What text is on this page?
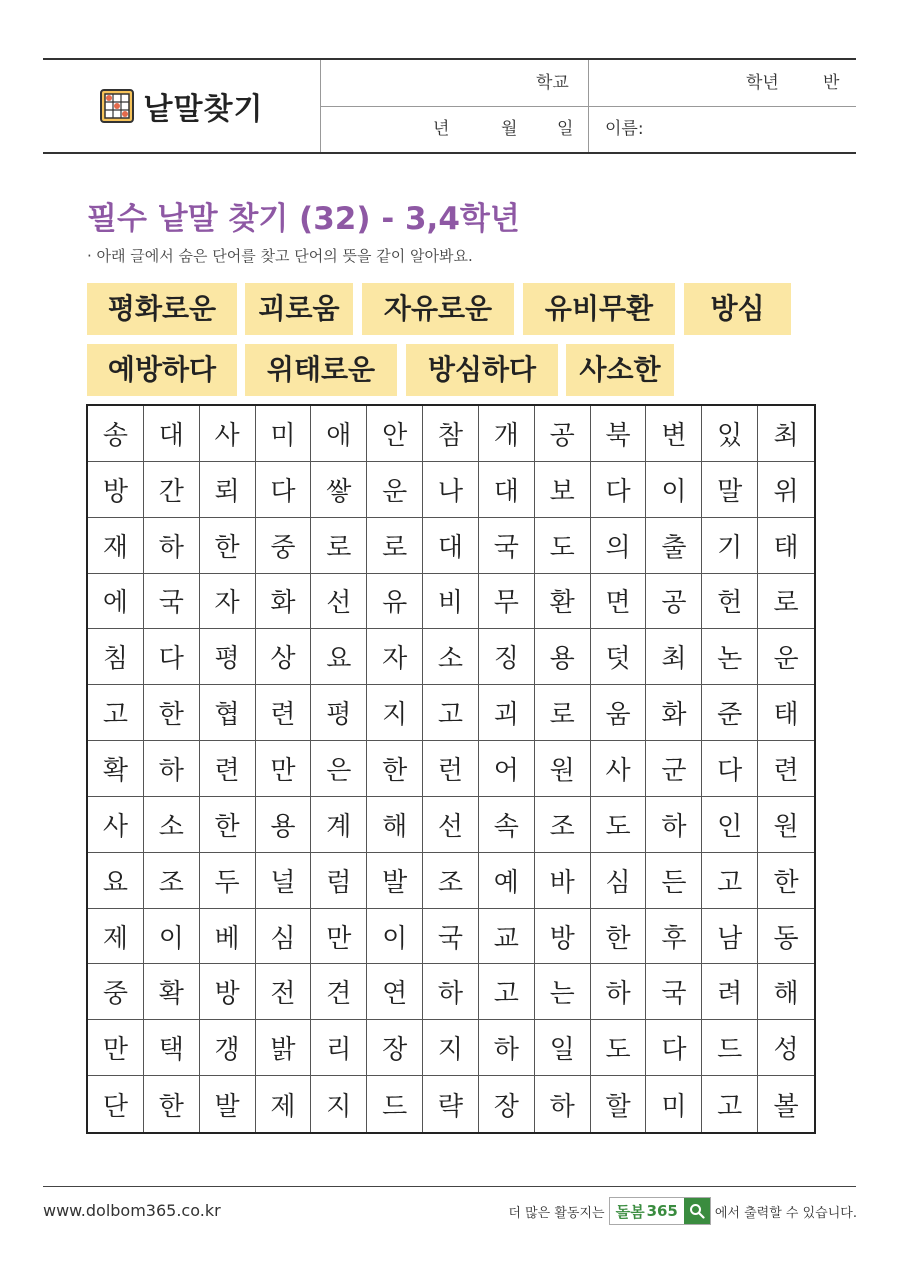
낱말찾기
학교	학년	반
년	월 일 이름:
필수 낱말 찾기 (32) - 3,4학년
· 아래 글에서 숨은 단어를 찾고 단어의 뜻을 같이 알아봐요.
평화로운	괴로움	자유로운	유비무환	방심
예방하다	위태로운	방심하다	사소한
송	대	사	미	애	안	참	개	공	북	변	있	최
방	간	뢰	다	쌓	운	나	대	보	다	이	말	위
재	하	한	중	로	로	대	국	도	의	출	기	태
에	국	자	화	선	유	비	무	환	면	공	헌	로
침	다	평	상	요	자	소	징	용	덧	최	논	운
고	한	협	련	평	지	고	괴	로	움	화	준	태
확	하	련	만	은	한	런	어	원	사	군	다	련
사	소	한	용	계	해	선	속	조	도	하	인	원
요	조	두	널	럼	발	조	예	바	심	든	고	한
제	이	베	심	만	이	국	교	방	한	후	남	동
중	확	방	전	견	연	하	고	는	하	국	려	해
만	택	갱	밝	리	장	지	하	일	도	다	드	성
단	한	발	제	지	드	략	장	하	할	미	고	볼
www.dolbom365.co.kr	더 많은 활동지는 돌봄 365	에서 출력할 수 있습니다.
